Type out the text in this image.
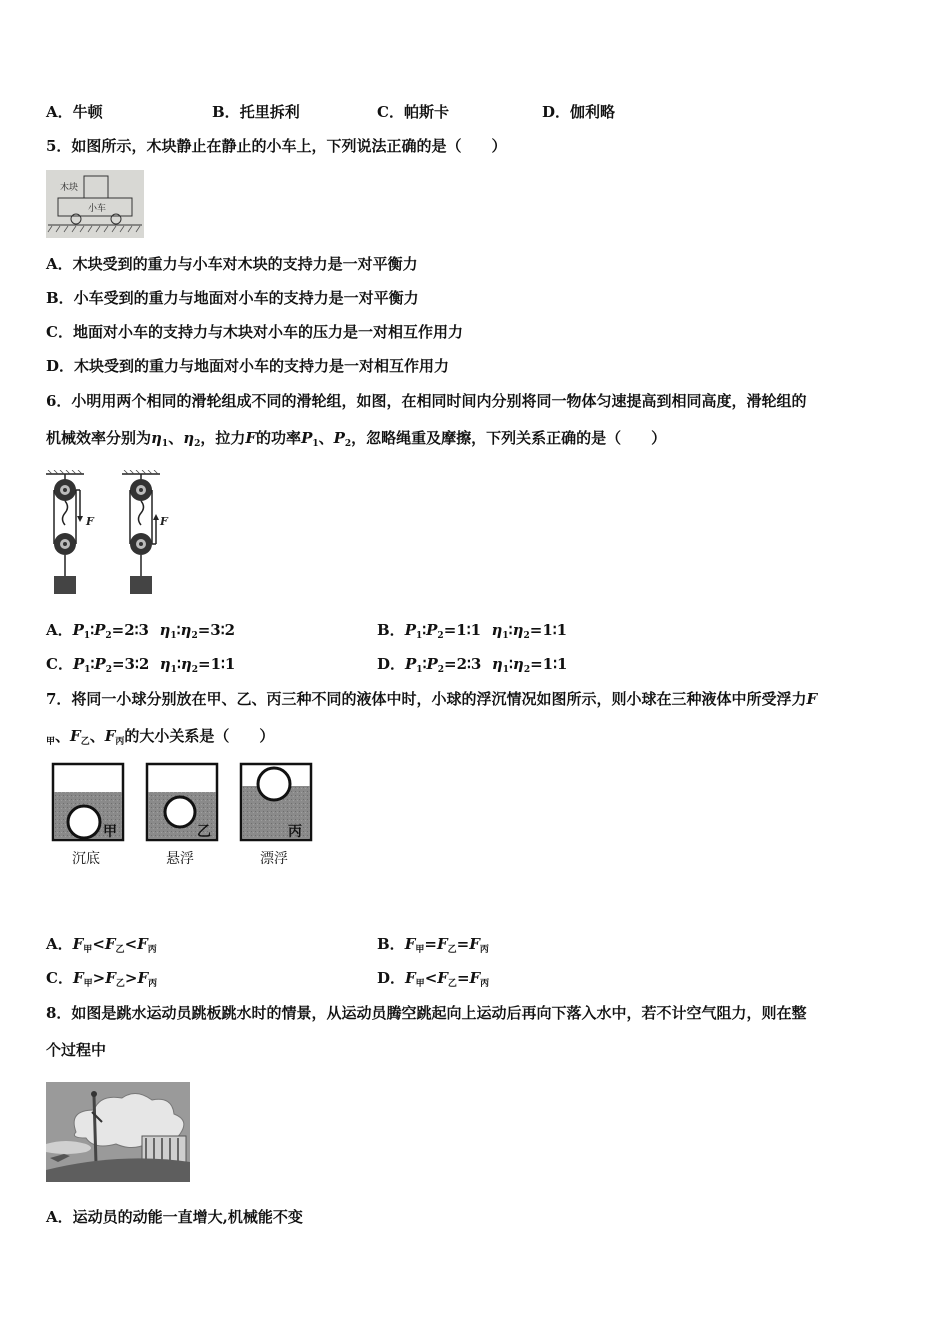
A．牛顿	B．托里拆利	C．帕斯卡	D．伽利略
5．如图所示，木块静止在静止的小车上，下列说法正确的是（　　）
木块
小车
A．木块受到的重力与小车对木块的支持力是一对平衡力
B．小车受到的重力与地面对小车的支持力是一对平衡力
C．地面对小车的支持力与木块对小车的压力是一对相互作用力
D．木块受到的重力与地面对小车的支持力是一对相互作用力
6．小明用两个相同的滑轮组成不同的滑轮组，如图，在相同时间内分别将同一物体匀速提高到相同高度，滑轮组的
机械效率分别为$\eta_1$、$\eta_2$，拉力F的功率$P_1$、$P_2$，忽略绳重及摩擦，下列关系正确的是（　　）
F	F
A．$P_1∶P_2=2∶3$ $\eta_1∶\eta_2=3∶2$	B．$P_1∶P_2=1∶1$ $\eta_1∶\eta_2=1∶1$
C．$P_1∶P_2=3∶2$ $\eta_1∶\eta_2=1∶1$	D．$P_1∶P_2=2∶3$ $\eta_1∶\eta_2=1∶1$
7．将同一小球分别放在甲、乙、丙三种不同的液体中时，小球的浮沉情况如图所示，则小球在三种液体中所受浮力F
$_甲$、$F_乙$、$F_丙$的大小关系是（　　）
甲
沉底
乙
悬浮
丙
漂浮
A．$F_甲<F_乙<F_丙$	B．$F_甲=F_乙=F_丙$
C．$F_甲>F_乙>F_丙$	D．$F_甲<F_乙=F_丙$
8．如图是跳水运动员跳板跳水时的情景，从运动员腾空跳起向上运动后再向下落入水中，若不计空气阻力，则在整
个过程中
A．运动员的动能一直增大,机械能不变
